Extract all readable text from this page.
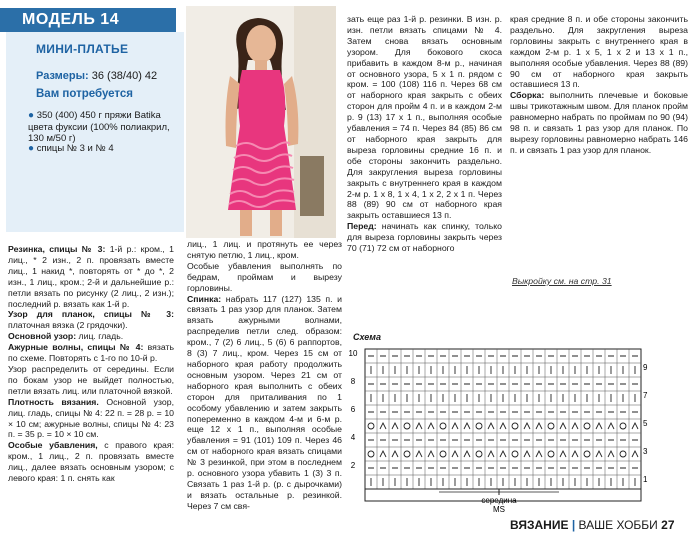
МОДЕЛЬ 14
МИНИ-ПЛАТЬЕ
Размеры: 36 (38/40) 42
Вам потребуется
● 350 (400) 450 г пряжи Batika цвета фуксии (100% полиакрил, 130 м/50 г)
● спицы № 3 и № 4

Резинка, спицы № 3: 1-й р.: кром., 1 лиц., * 2 изн., 2 п. провязать вместе лиц., 1 накид *, повторять от * до *, 2 изн., 1 лиц., кром.; 2-й и дальнейшие р.: петли вязать по рисунку (2 лиц., 2 изн.); последний р. вязать как 1-й р.

Узор для планок, спицы № 3: платочная вязка (2 грядочки).

Основной узор: лиц. гладь.

Ажурные волны, спицы № 4: вязать по схеме. Повторять с 1-го по 10-й р.

Узор распределить от середины. Если по бокам узор не выйдет полностью, петли вязать лиц. или платочной вязкой.

Плотность вязания. Основной узор, лиц. гладь, спицы № 4: 22 п. = 28 р. = 10 × 10 см; ажурные волны, спицы № 4: 23 п. = 35 р. = 10 × 10 см.

Особые убавления, с правого края: кром., 1 лиц., 2 п. провязать вместе лиц., далее вязать основным узором; с левого края: 1 п. снять как

лиц., 1 лиц. и протянуть ее через снятую петлю, 1 лиц., кром.

Особые убавления выполнять по бедрам, проймам и вырезу горловины.

Спинка: набрать 117 (127) 135 п. и связать 1 раз узор для планок. Затем вязать ажурными волнами, распределив петли след. образом: кром., 7 (2) 6 лиц., 5 (6) 6 раппортов, 8 (3) 7 лиц., кром. Через 15 см от наборного края работу продолжить основным узором. Через 21 см от наборного края выполнить с обеих сторон для приталивания по 1 особому убавлению и затем закрыть попеременно в каждом 4-м и 6-м р. еще 12 х 1 п., выполняя особые убавления = 91 (101) 109 п. Через 46 см от наборного края вязать спицами № 3 резинкой, при этом в последнем р. основного узора убавить 1 (3) 3 п. Связать 1 раз 1-й р. (р. с дырочками) и вязать остальные р. резинкой. Через 7 см свя-

зать еще раз 1-й р. резинки. В изн. р. изн. петли вязать спицами № 4. Затем снова вязать основным узором. Для бокового скоса прибавить в каждом 8-м р., начиная от основного узора, 5 х 1 п. рядом с кром. = 100 (108) 116 п. Через 68 см от наборного края закрыть с обеих сторон для пройм 4 п. и в каждом 2-м р. 9 (13) 17 х 1 п., выполняя особые убавления = 74 п. Через 84 (85) 86 см от наборного края закрыть для выреза горловины средние 16 п. и обе стороны закончить раздельно. Для закругления выреза горловины закрыть с внутреннего края в каждом 2-м р. 1 х 8, 1 х 4, 1 х 2, 2 х 1 п. Через 88 (89) 90 см от наборного края закрыть оставшиеся 13 п.

Перед: начинать как спинку, только для выреза горловины закрыть через 70 (71) 72 см от наборного

края средние 8 п. и обе стороны закончить раздельно. Для закругления выреза горловины закрыть с внутреннего края в каждом 2-м р. 1 х 5, 1 х 2 и 13 х 1 п., выполняя особые убавления. Через 88 (89) 90 см от наборного края закрыть оставшиеся 13 п.

Сборка: выполнить плечевые и боковые швы трикотажным швом. Для планок пройм равномерно набрать по проймам по 90 (94) 98 п. и связать 1 раз узор для планок. По вырезу горловины равномерно набрать 146 п. и связать 1 раз узор для планок.

Выкройку см. на стр. 31
Схема
10
8
6
4
2
9
7
5
3
1
середина
MS
ВЯЗАНИЕ | ВАШЕ ХОББИ 27
